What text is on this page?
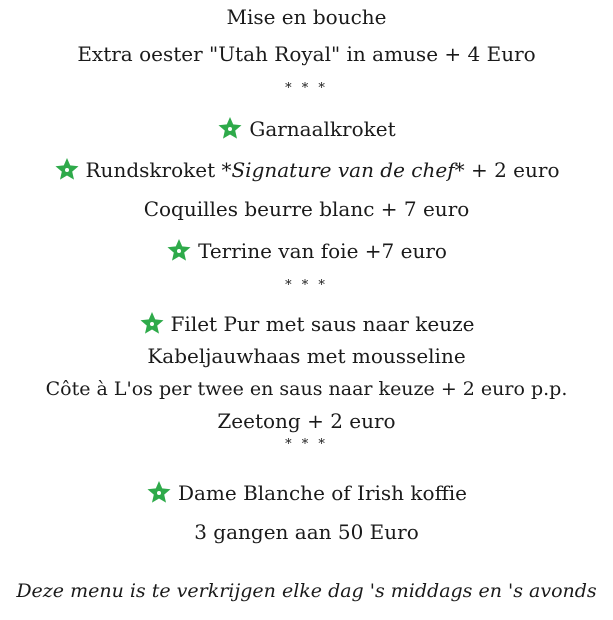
Mise en bouche
Extra oester "Utah Royal" in amuse + 4 Euro
* * *
Garnaalkroket
Rundskroket *Signature van de chef* + 2 euro
Coquilles beurre blanc + 7 euro
Terrine van foie +7 euro
* * *
Filet Pur met saus naar keuze
Kabeljauwhaas met mousseline
Côte à L'os per twee en saus naar keuze + 2 euro p.p.
Zeetong + 2 euro
* * *
Dame Blanche of Irish koffie
3 gangen aan 50 Euro
Deze menu is te verkrijgen elke dag 's middags en 's avonds
